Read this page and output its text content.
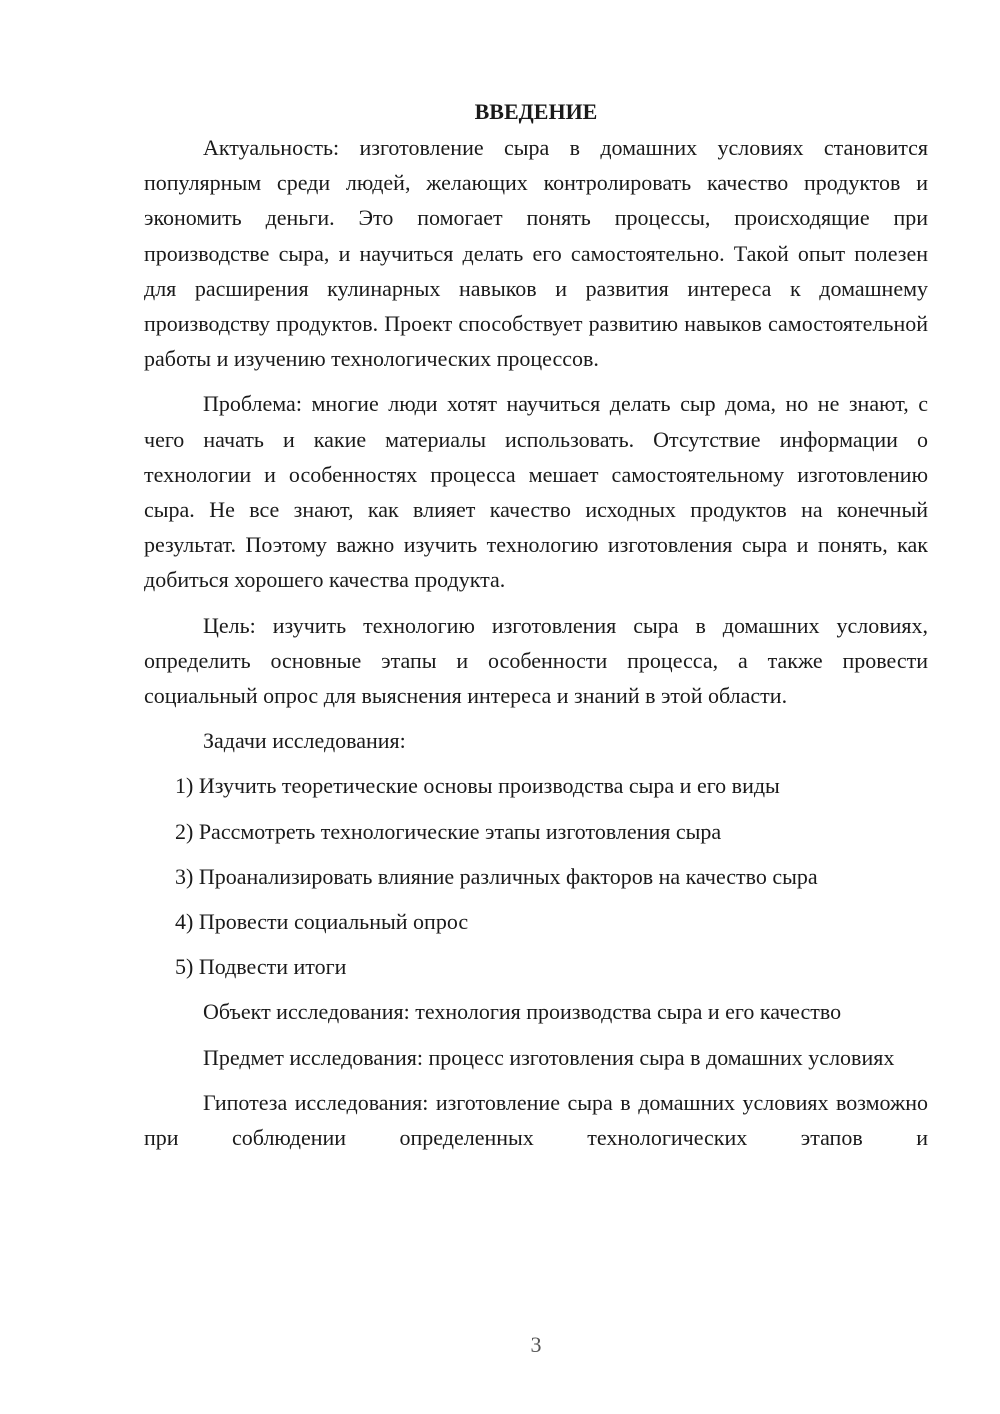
ВВЕДЕНИЕ

Актуальность: изготовление сыра в домашних условиях становится популярным среди людей, желающих контролировать качество продуктов и экономить деньги. Это помогает понять процессы, происходящие при производстве сыра, и научиться делать его самостоятельно. Такой опыт полезен для расширения кулинарных навыков и развития интереса к домашнему производству продуктов. Проект способствует развитию навыков самостоятельной работы и изучению технологических процессов.

Проблема: многие люди хотят научиться делать сыр дома, но не знают, с чего начать и какие материалы использовать. Отсутствие информации о технологии и особенностях процесса мешает самостоятельному изготовлению сыра. Не все знают, как влияет качество исходных продуктов на конечный результат. Поэтому важно изучить технологию изготовления сыра и понять, как добиться хорошего качества продукта.

Цель: изучить технологию изготовления сыра в домашних условиях, определить основные этапы и особенности процесса, а также провести социальный опрос для выяснения интереса и знаний в этой области.

Задачи исследования:

1) Изучить теоретические основы производства сыра и его виды
2) Рассмотреть технологические этапы изготовления сыра
3) Проанализировать влияние различных факторов на качество сыра
4) Провести социальный опрос
5) Подвести итоги

Объект исследования: технология производства сыра и его качество

Предмет исследования: процесс изготовления сыра в домашних условиях

Гипотеза исследования: изготовление сыра в домашних условиях возможно при соблюдении определенных технологических этапов и

3
